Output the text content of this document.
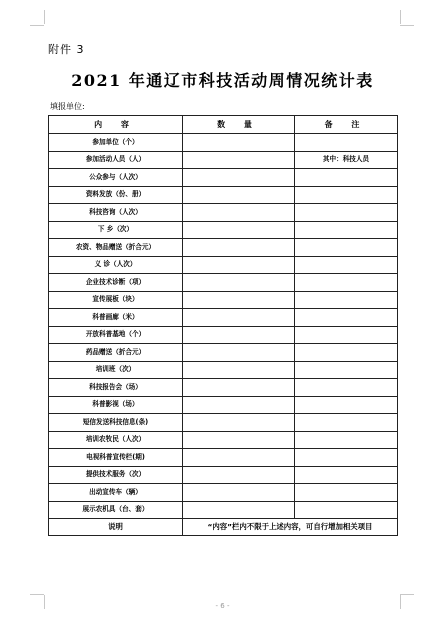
附件 3
2021 年通辽市科技活动周情况统计表
填报单位:
内 容	数 量	备 注
参加单位（个）		
参加活动人员（人）		其中：科技人员
公众参与（人次）		
资料发放（份、册）		
科技咨询（人次）		
下 乡（次）		
农资、物品赠送（折合元）		
义 诊（人次）		
企业技术诊断（项）		
宣传展板（块）		
科普画廊（米）		
开放科普基地（个）		
药品赠送（折合元）		
培训班（次）		
科技报告会（场）		
科普影视（场）		
短信发送科技信息(条)		
培训农牧民（人次）		
电视科普宣传栏(期)		
提供技术服务（次）		
出动宣传车（辆）		
展示农机具（台、套）		
说明	“内容”栏内不限于上述内容，可自行增加相关项目	
- 6 -
